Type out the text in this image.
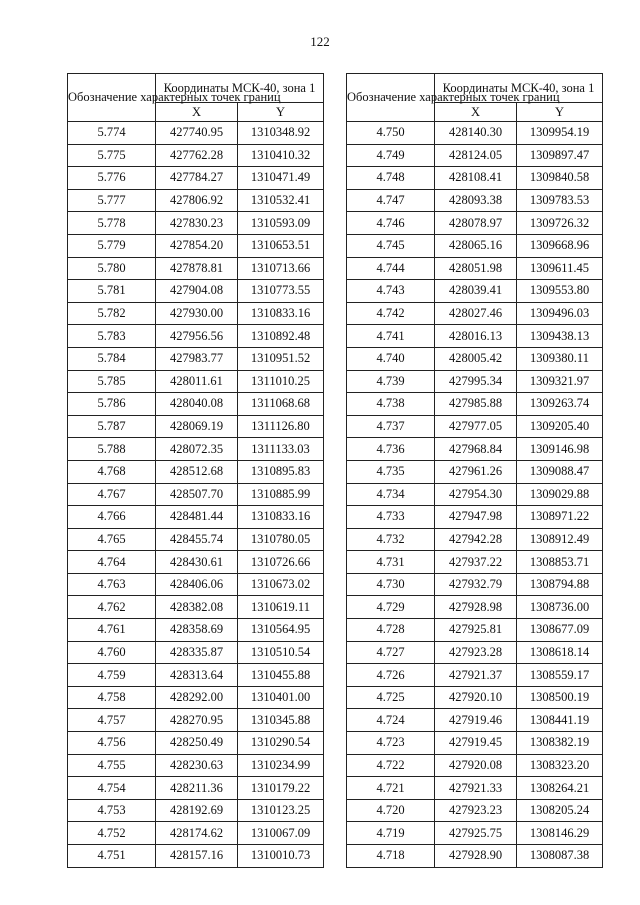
122
Обозначение характерных точек границ	Координаты МСК-40, зона 1	
	X	Y
5.774	427740.95	1310348.92
5.775	427762.28	1310410.32
5.776	427784.27	1310471.49
5.777	427806.92	1310532.41
5.778	427830.23	1310593.09
5.779	427854.20	1310653.51
5.780	427878.81	1310713.66
5.781	427904.08	1310773.55
5.782	427930.00	1310833.16
5.783	427956.56	1310892.48
5.784	427983.77	1310951.52
5.785	428011.61	1311010.25
5.786	428040.08	1311068.68
5.787	428069.19	1311126.80
5.788	428072.35	1311133.03
4.768	428512.68	1310895.83
4.767	428507.70	1310885.99
4.766	428481.44	1310833.16
4.765	428455.74	1310780.05
4.764	428430.61	1310726.66
4.763	428406.06	1310673.02
4.762	428382.08	1310619.11
4.761	428358.69	1310564.95
4.760	428335.87	1310510.54
4.759	428313.64	1310455.88
4.758	428292.00	1310401.00
4.757	428270.95	1310345.88
4.756	428250.49	1310290.54
4.755	428230.63	1310234.99
4.754	428211.36	1310179.22
4.753	428192.69	1310123.25
4.752	428174.62	1310067.09
4.751	428157.16	1310010.73
Обозначение характерных точек границ	Координаты МСК-40, зона 1	
	X	Y
4.750	428140.30	1309954.19
4.749	428124.05	1309897.47
4.748	428108.41	1309840.58
4.747	428093.38	1309783.53
4.746	428078.97	1309726.32
4.745	428065.16	1309668.96
4.744	428051.98	1309611.45
4.743	428039.41	1309553.80
4.742	428027.46	1309496.03
4.741	428016.13	1309438.13
4.740	428005.42	1309380.11
4.739	427995.34	1309321.97
4.738	427985.88	1309263.74
4.737	427977.05	1309205.40
4.736	427968.84	1309146.98
4.735	427961.26	1309088.47
4.734	427954.30	1309029.88
4.733	427947.98	1308971.22
4.732	427942.28	1308912.49
4.731	427937.22	1308853.71
4.730	427932.79	1308794.88
4.729	427928.98	1308736.00
4.728	427925.81	1308677.09
4.727	427923.28	1308618.14
4.726	427921.37	1308559.17
4.725	427920.10	1308500.19
4.724	427919.46	1308441.19
4.723	427919.45	1308382.19
4.722	427920.08	1308323.20
4.721	427921.33	1308264.21
4.720	427923.23	1308205.24
4.719	427925.75	1308146.29
4.718	427928.90	1308087.38
